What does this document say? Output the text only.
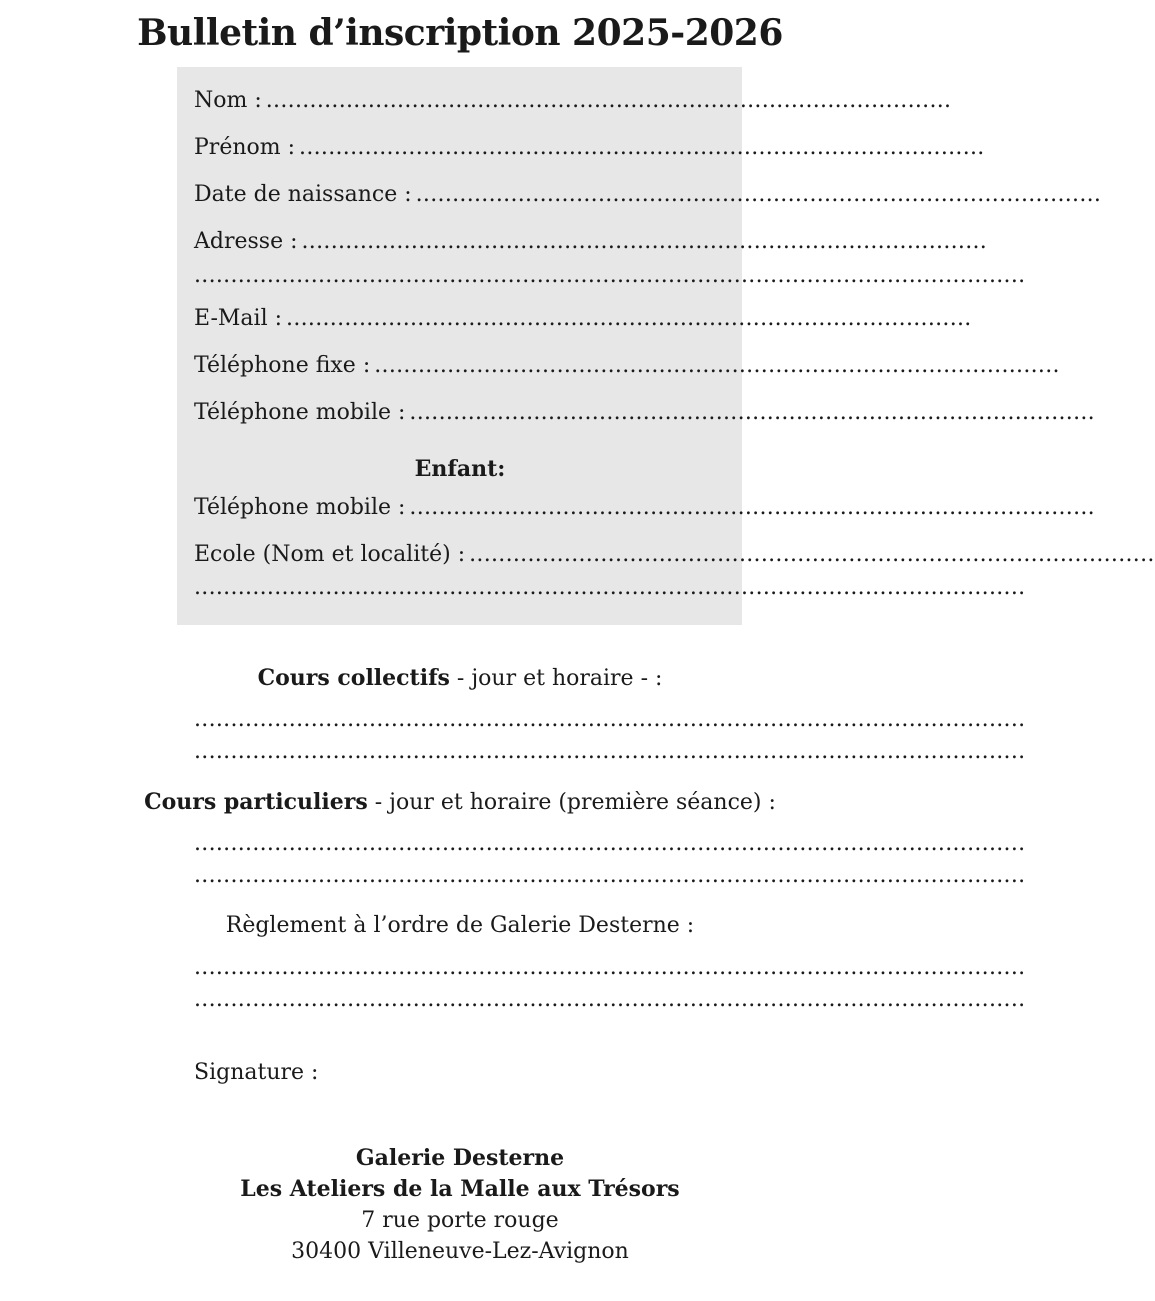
Bulletin d’inscription 2025-2026
Nom : ..............................................................................................
Prénom : ..............................................................................................
Date de naissance : ..............................................................................................
Adresse : ..............................................................................................
..................................................................................................................
E-Mail : ..............................................................................................
Téléphone fixe : ..............................................................................................
Téléphone mobile : ..............................................................................................
Enfant:
Téléphone mobile : ..............................................................................................
Ecole (Nom et localité) : ..............................................................................................
..................................................................................................................
Cours collectifs - jour et horaire - :
..................................................................................................................
..................................................................................................................
Cours particuliers - jour et horaire (première séance) :
..................................................................................................................
..................................................................................................................
Règlement à l’ordre de Galerie Desterne :
..................................................................................................................
..................................................................................................................
Signature :
Galerie Desterne
Les Ateliers de la Malle aux Trésors
7 rue porte rouge
30400 Villeneuve-Lez-Avignon
